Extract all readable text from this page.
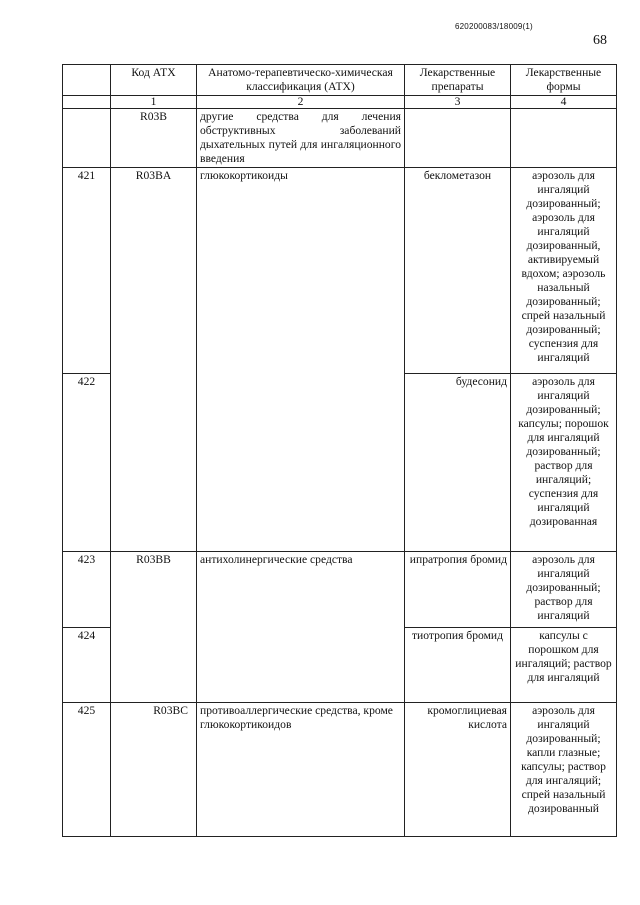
620200083/18009(1)
68
	Код АТХ	Анатомо-терапевтическо-химическая классификация (АТХ)	Лекарственные препараты	Лекарственные формы
	1	2	3	4
	R03B	другие средства для лечения обструктивных заболеваний дыхательных путей для ингаляционного введения		
421	R03BA	глюкокортикоиды	беклометазон	аэрозоль для ингаляций дозированный; аэрозоль для ингаляций дозированный, активируемый вдохом; аэрозоль назальный дозированный; спрей назальный дозированный; суспензия для ингаляций
422			будесонид	аэрозоль для ингаляций дозированный; капсулы; порошок для ингаляций дозированный; раствор для ингаляций; суспензия для ингаляций дозированная
423	R03BB	антихолинергические средства	ипратропия бромид	аэрозоль для ингаляций дозированный; раствор для ингаляций
424			тиотропия бромид	капсулы с порошком для ингаляций; раствор для ингаляций
425	R03BC	противоаллергические средства, кроме глюкокортикоидов	кромоглициевая кислота	аэрозоль для ингаляций дозированный; капли глазные; капсулы; раствор для ингаляций; спрей назальный дозированный
